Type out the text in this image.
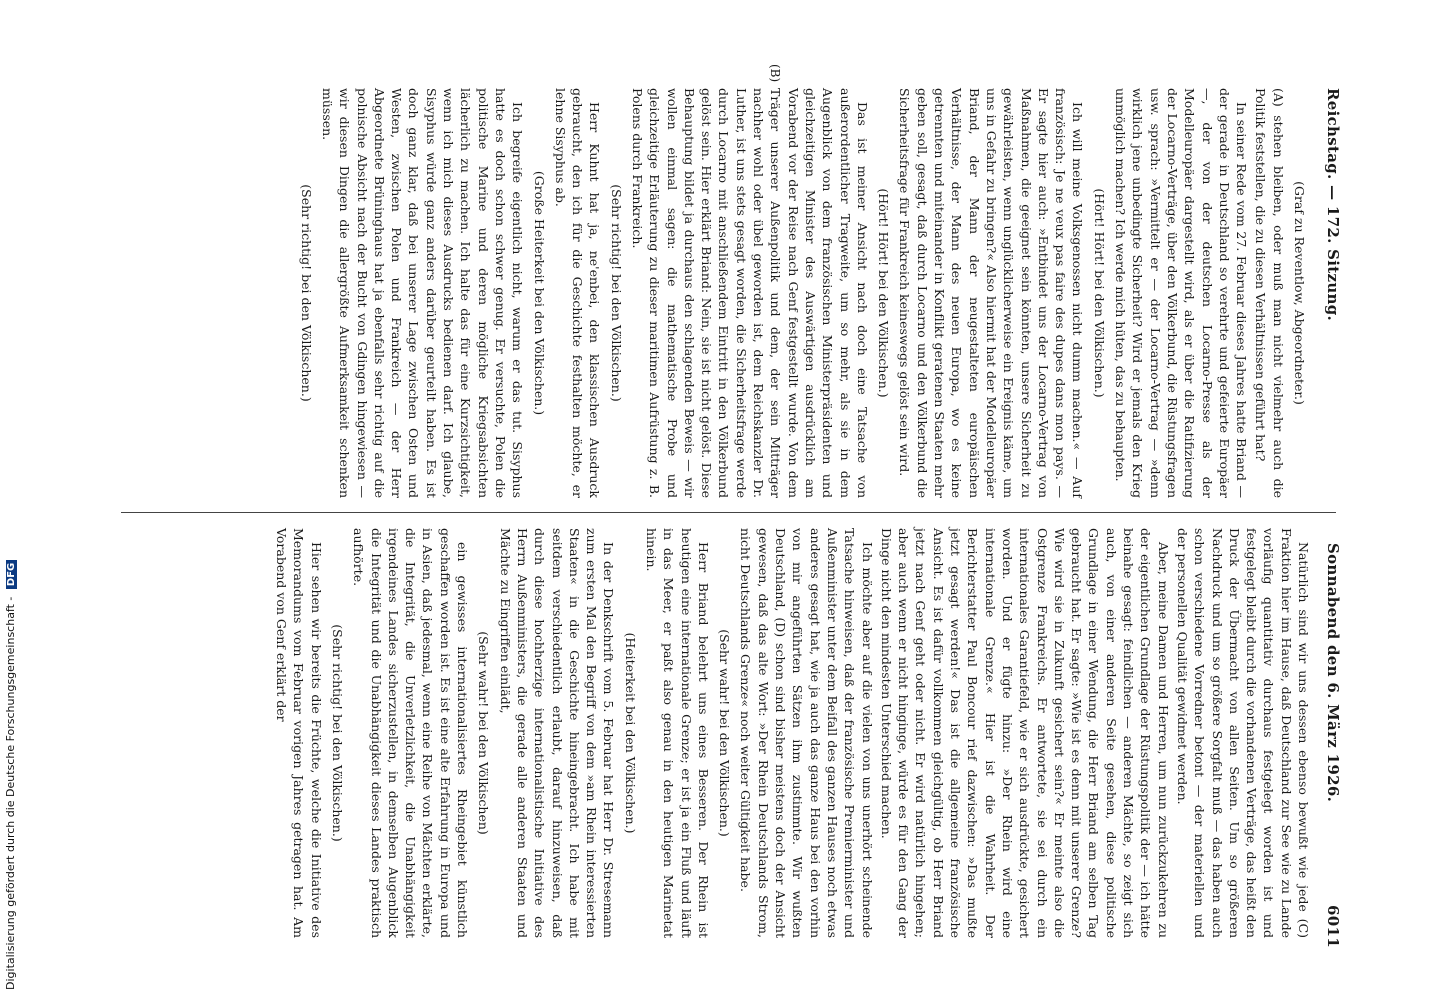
Reichstag. — 172. Sitzung.
Sonnabend den 6. März 1926.
6011

(Graf zu Reventlow, Abgeordneter.)

(A) stehen bleiben, oder muß man nicht vielmehr auch die Politik feststellen, die zu diesen Verhältnissen geführt hat?

In seiner Rede vom 27. Februar dieses Jahres hatte Briand — der gerade in Deutschland so verehrte und gefeierte Europäer —, der von der deutschen Locarno-Presse als der Modelleuropäer dargestellt wird, als er über die Ratifizierung der Locarno-Verträge, über den Völkerbund, die Rüstungsfragen usw. sprach: »Vermittelt er — der Locarno-Vertrag — »denn wirklich jene unbedingte Sicherheit? Wird er jemals den Krieg unmöglich machen? Ich werde mich hüten, das zu behaupten.

(Hört! Hört! bei den Völkischen.)

Ich will meine Volksgenossen nicht dumm machen.« — Auf französisch: Je ne veux pas faire des dupes dans mon pays. — Er sagte hier auch: »Entbindet uns der Locarno-Vertrag von Maßnahmen, die geeignet sein könnten, unsere Sicherheit zu gewährleisten, wenn unglücklicherweise ein Ereignis käme, um uns in Gefahr zu bringen?« Also hiermit hat der Modelleuropäer Briand, der Mann der neugestalteten europäischen Verhältnisse, der Mann des neuen Europa, wo es keine getrennten und miteinander in Konflikt geratenen Staaten mehr geben soll, gesagt, daß durch Locarno und den Völkerbund die Sicherheitsfrage für Frankreich keineswegs gelöst sein wird.

(Hört! Hört! bei den Völkischen.)

Das ist meiner Ansicht nach doch eine Tatsache von außerordentlicher Tragweite, um so mehr, als sie in dem Augenblick von dem französischen Ministerpräsidenten und gleichzeitigen Minister des Auswärtigen ausdrücklich am Vorabend vor der Reise nach Genf festgestellt wurde. Von dem Träger unserer Außenpolitik und dem, der sein Mitträger nachher wohl oder übel geworden ist, dem Reichskanzler Dr. Luther, ist uns stets gesagt worden, die Sicherheitsfrage werde durch Locarno mit anschließendem Eintritt in den Völkerbund gelöst sein. Hier erklärt Briand: Nein, sie ist nicht gelöst. Diese Behauptung bildet ja durchaus den schlagenden Beweis — wir wollen einmal sagen: die mathematische Probe und gleichzeitige Erläuterung zu dieser maritimen Aufrüstung z. B. Polens durch Frankreich.

(Sehr richtig! bei den Völkischen.)

Herr Kuhnt hat ja, ne'enbei, den klassischen Ausdruck gebraucht, den ich für die Geschichte festhalten möchte, er lehne Sisyphus ab.

(Große Heiterkeit bei den Völkischen.)

Ich begreife eigentlich nicht, warum er das tut. Sisyphus hatte es doch schon schwer genug. Er versuchte, Polen die politische Marine und deren mögliche Kriegsabsichten lächerlich zu machen. Ich halte das für eine Kurzsichtigkeit, wenn ich mich dieses Ausdrucks bedienen darf. Ich glaube, Sisyphus würde ganz anders darüber geurteilt haben. Es ist doch ganz klar, daß bei unserer Lage zwischen Osten und Westen, zwischen Polen und Frankreich — der Herr Abgeordnete Brüninghaus hat ja ebenfalls sehr richtig auf die polnische Absicht nach der Bucht von Gdingen hingewiesen — wir diesen Dingen die allergrößte Aufmerksamkeit schenken müssen.

(Sehr richtig! bei den Völkischen.)

(B)

Natürlich sind wir uns dessen ebenso bewußt wie jede (C) Fraktion hier im Hause, daß Deutschland zur See wie zu Lande vorläufig quantitativ durchaus festgelegt worden ist und festgelegt bleibt durch die vorhandenen Verträge, das heißt den Druck der Übermacht von allen Seiten. Um so größeren Nachdruck und um so größere Sorgfalt muß — das haben auch schon verschiedene Vorredner betont — der materiellen und der personellen Qualität gewidmet werden.

Aber, meine Damen und Herren, um nun zurückzukehren zu der eigentlichen Grundlage der Rüstungspolitik der — ich hätte beinahe gesagt: feindlichen — anderen Mächte, so zeigt sich auch, von einer anderen Seite gesehen, diese politische Grundlage in einer Wendung, die Herr Briand am selben Tag gebraucht hat. Er sagte: »Wie ist es denn mit unserer Grenze? Wie wird sie in Zukunft gesichert sein?« Er meinte also die Ostgrenze Frankreichs. Er antwortete, sie sei durch ein internationales Garantiefeld, wie er sich ausdrückte, gesichert worden. Und er fügte hinzu: »Der Rhein wird eine internationale Grenze.« Hier ist die Wahrheit. Der Berichterstatter Paul Boncour rief dazwischen: »Das mußte jetzt gesagt werden!« Das ist die allgemeine französische Ansicht. Es ist dafür vollkommen gleichgültig, ob Herr Briand jetzt nach Genf geht oder nicht. Er wird natürlich hingehen; aber auch wenn er nicht hinginge, würde es für den Gang der Dinge nicht den mindesten Unterschied machen.

Ich möchte aber auf die vielen von uns unerhört scheinende Tatsache hinweisen, daß der französische Premierminister und Außenminister unter dem Beifall des ganzen Hauses noch etwas anderes gesagt hat, wie ja auch das ganze Haus bei den vorhin von mir angeführten Sätzen ihm zustimmte. Wir wußten Deutschland, (D) schon sind bisher meistens doch der Ansicht gewesen, daß das alte Wort: »Der Rhein Deutschlands Strom, nicht Deutschlands Grenze« noch weiter Gültigkeit habe.

(Sehr wahr! bei den Völkischen.)

Herr Briand belehrt uns eines Besseren. Der Rhein ist heutigen eine internationale Grenze; er ist ja ein Fluß und läuft in das Meer, er paßt also genau in den heutigen Marinetat hinein.

(Heiterkeit bei den Völkischen.)

In der Denkschrift vom 5. Februar hat Herr Dr. Stresemann zum ersten Mal den Begriff von dem »am Rhein interessierten Staaten« in die Geschichte hineingebracht. Ich habe mit seitdem verschiedentlich erlaubt, darauf hinzuweisen, daß durch diese hochherzige internationalistische Initiative des Herrn Außenministers, die gerade alle anderen Staaten und Mächte zu Eingriffen einlädt,

(Sehr wahr! bei den Völkischen)

ein gewisses internationalisiertes Rheingebiet künstlich geschaffen worden ist. Es ist eine alte Erfahrung in Europa und in Asien, daß jedesmal, wenn eine Reihe von Mächten erklärte, die Integrität, die Unverletzlichkeit, die Unabhängigkeit irgendeines Landes sicherzustellen, in demselben Augenblick die Integrität und die Unabhängigkeit dieses Landes praktisch aufhörte.

(Sehr richtig! bei den Völkischen.)

Hier sehen wir bereits die Früchte, welche die Initiative des Memorandums vom Februar vorigen Jahres getragen hat. Am Vorabend von Genf erklärt der

Digitalisierung gefördert durch die Deutsche Forschungsgemeinschaft - DFG
